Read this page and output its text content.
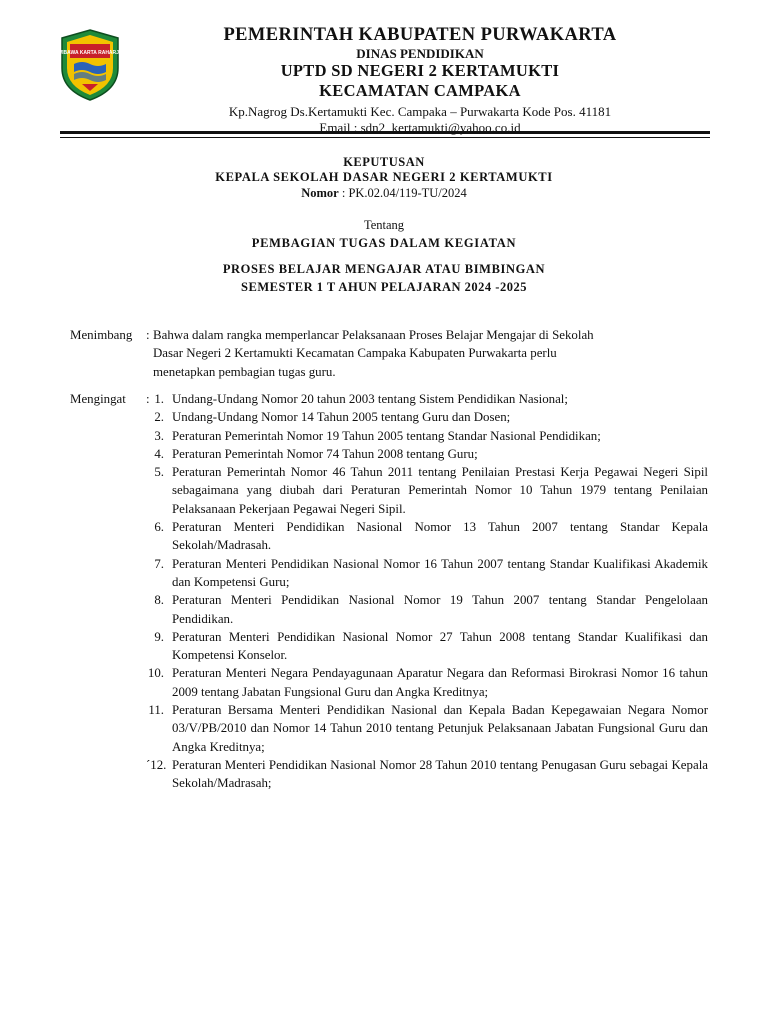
WIBAWA KARTA RAHARJA
PEMERINTAH KABUPATEN PURWAKARTA
DINAS PENDIDIKAN
UPTD SD NEGERI 2 KERTAMUKTI
KECAMATAN CAMPAKA
Kp.Nagrog Ds.Kertamukti Kec. Campaka – Purwakarta Kode Pos. 41181
Email : sdn2_kertamukti@yahoo.co.id
KEPUTUSAN
KEPALA SEKOLAH DASAR NEGERI 2 KERTAMUKTI
Nomor : PK.02.04/119-TU/2024
Tentang
PEMBAGIAN TUGAS DALAM KEGIATAN
PROSES BELAJAR MENGAJAR ATAU BIMBINGAN
SEMESTER 1 T AHUN PELAJARAN 2024 -2025
Menimbang : Bahwa dalam rangka memperlancar Pelaksanaan Proses Belajar Mengajar di Sekolah
Dasar Negeri 2 Kertamukti Kecamatan Campaka Kabupaten Purwakarta perlu
menetapkan pembagian tugas guru.
Mengingat : 1. Undang-Undang Nomor 20 tahun 2003 tentang Sistem Pendidikan Nasional;
2. Undang-Undang Nomor 14 Tahun 2005 tentang Guru dan Dosen;
3. Peraturan Pemerintah Nomor 19 Tahun 2005 tentang Standar Nasional Pendidikan;
4. Peraturan Pemerintah Nomor 74 Tahun 2008 tentang Guru;
5. Peraturan Pemerintah Nomor 46 Tahun 2011 tentang Penilaian Prestasi Kerja Pegawai Negeri Sipil sebagaimana yang diubah dari Peraturan Pemerintah Nomor 10 Tahun 1979 tentang Penilaian Pelaksanaan Pekerjaan Pegawai Negeri Sipil.
6. Peraturan Menteri Pendidikan Nasional Nomor 13 Tahun 2007 tentang Standar Kepala Sekolah/Madrasah.
7. Peraturan Menteri Pendidikan Nasional Nomor 16 Tahun 2007 tentang Standar Kualifikasi Akademik dan Kompetensi Guru;
8. Peraturan Menteri Pendidikan Nasional Nomor 19 Tahun 2007 tentang Standar Pengelolaan Pendidikan.
9. Peraturan Menteri Pendidikan Nasional Nomor 27 Tahun 2008 tentang Standar Kualifikasi dan Kompetensi Konselor.
10. Peraturan Menteri Negara Pendayagunaan Aparatur Negara dan Reformasi Birokrasi Nomor 16 tahun 2009 tentang Jabatan Fungsional Guru dan Angka Kreditnya;
11. Peraturan Bersama Menteri Pendidikan Nasional dan Kepala Badan Kepegawaian Negara Nomor 03/V/PB/2010 dan Nomor 14 Tahun 2010 tentang Petunjuk Pelaksanaan Jabatan Fungsional Guru dan Angka Kreditnya;
´12. Peraturan Menteri Pendidikan Nasional Nomor 28 Tahun 2010 tentang Penugasan Guru sebagai Kepala Sekolah/Madrasah;
